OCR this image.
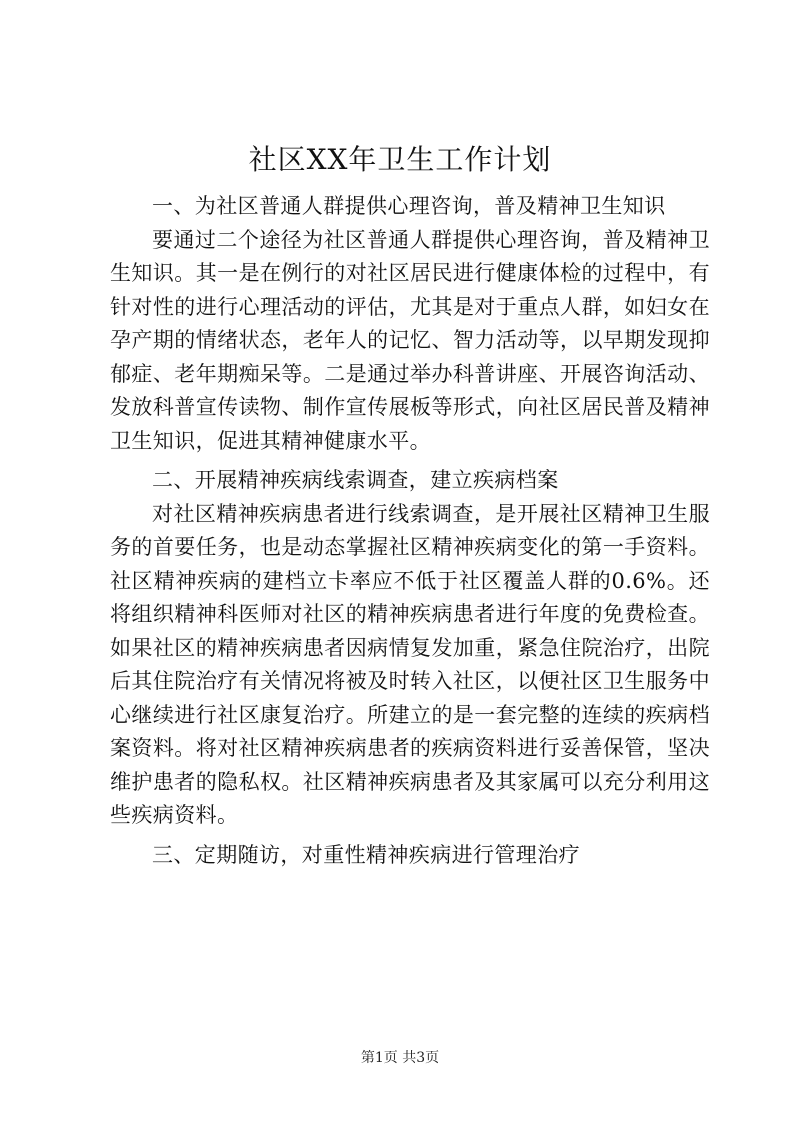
社区XX年卫生工作计划

一、为社区普通人群提供心理咨询，普及精神卫生知识

要通过二个途径为社区普通人群提供心理咨询，普及精神卫生知识。其一是在例行的对社区居民进行健康体检的过程中，有针对性的进行心理活动的评估，尤其是对于重点人群，如妇女在孕产期的情绪状态，老年人的记忆、智力活动等，以早期发现抑郁症、老年期痴呆等。二是通过举办科普讲座、开展咨询活动、发放科普宣传读物、制作宣传展板等形式，向社区居民普及精神卫生知识，促进其精神健康水平。

二、开展精神疾病线索调查，建立疾病档案

对社区精神疾病患者进行线索调查，是开展社区精神卫生服务的首要任务，也是动态掌握社区精神疾病变化的第一手资料。社区精神疾病的建档立卡率应不低于社区覆盖人群的0.6%。还将组织精神科医师对社区的精神疾病患者进行年度的免费检查。如果社区的精神疾病患者因病情复发加重，紧急住院治疗，出院后其住院治疗有关情况将被及时转入社区，以便社区卫生服务中心继续进行社区康复治疗。所建立的是一套完整的连续的疾病档案资料。将对社区精神疾病患者的疾病资料进行妥善保管，坚决维护患者的隐私权。社区精神疾病患者及其家属可以充分利用这些疾病资料。

三、定期随访，对重性精神疾病进行管理治疗

第1页 共3页
